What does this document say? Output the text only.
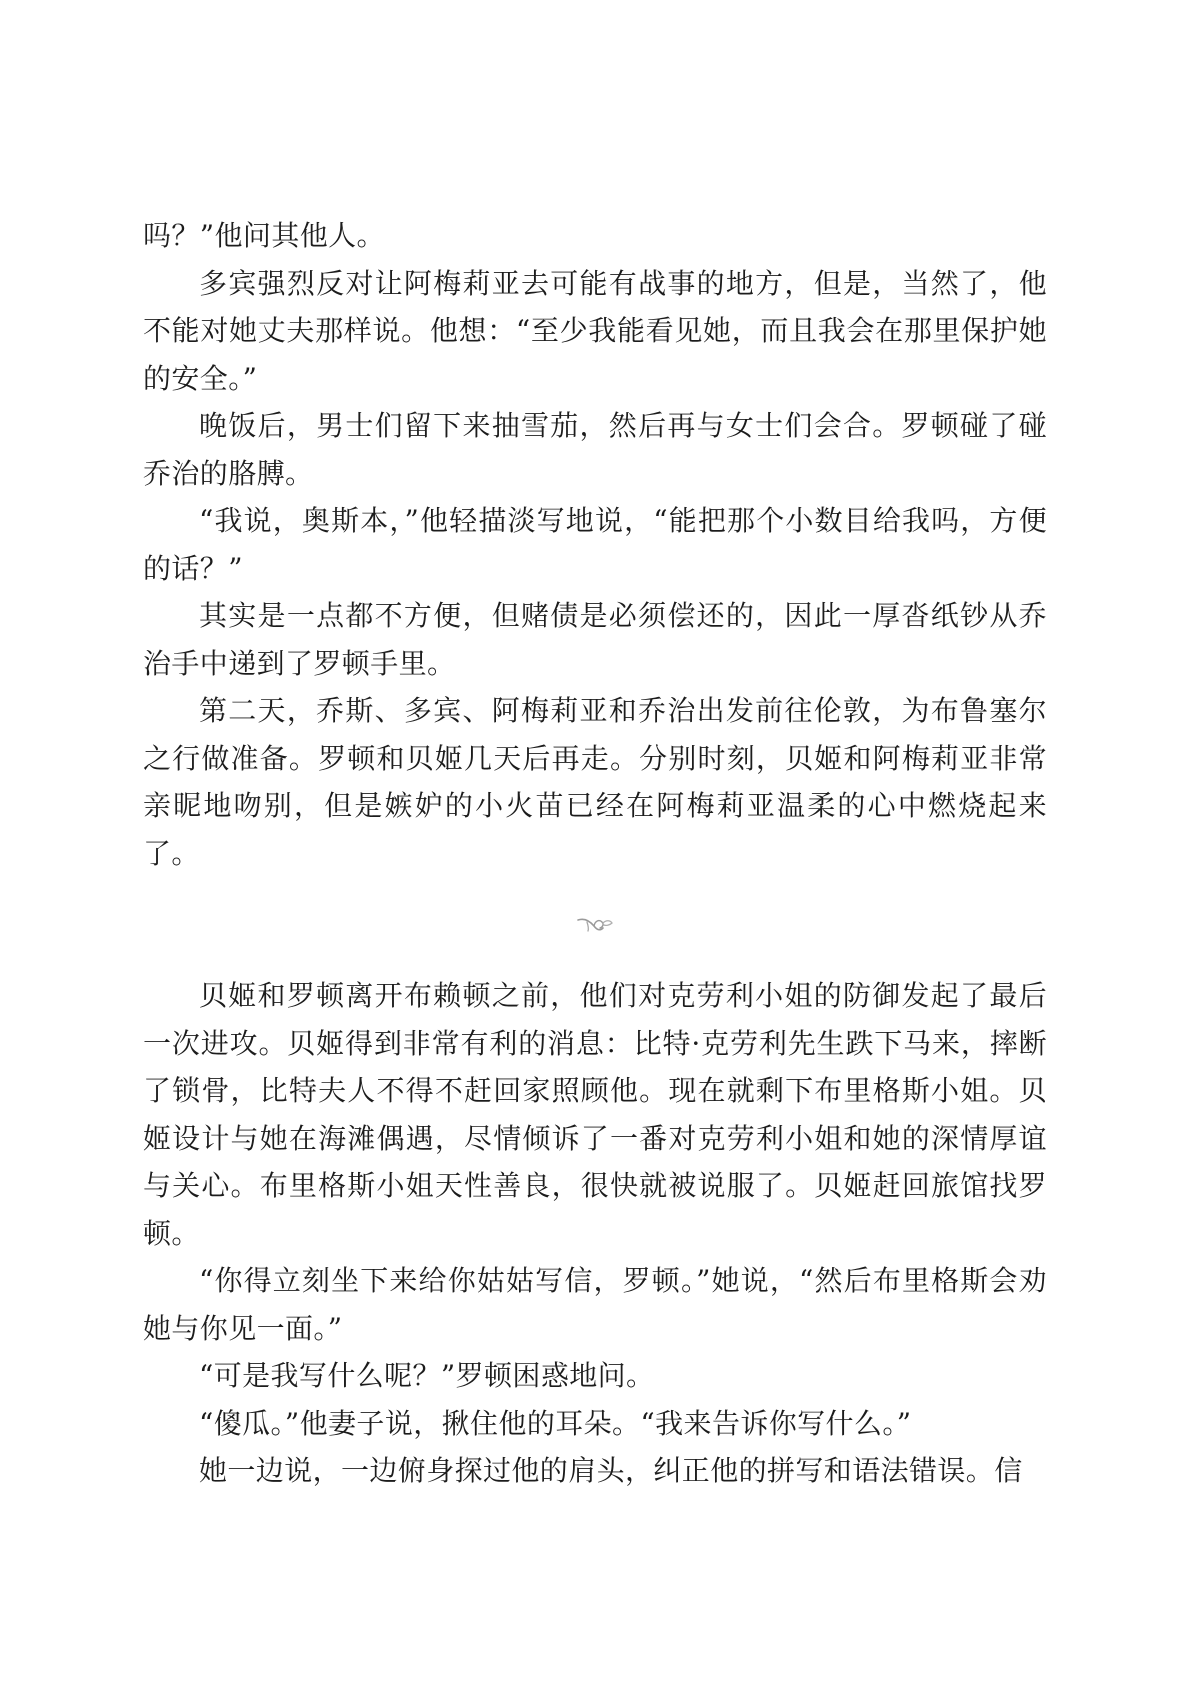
吗？”他问其他人。

多宾强烈反对让阿梅莉亚去可能有战事的地方，但是，当然了，他不能对她丈夫那样说。他想：“至少我能看见她，而且我会在那里保护她的安全。”

晚饭后，男士们留下来抽雪茄，然后再与女士们会合。罗顿碰了碰乔治的胳膊。

“我说，奥斯本，”他轻描淡写地说，“能把那个小数目给我吗，方便的话？”

其实是一点都不方便，但赌债是必须偿还的，因此一厚沓纸钞从乔治手中递到了罗顿手里。

第二天，乔斯、多宾、阿梅莉亚和乔治出发前往伦敦，为布鲁塞尔之行做准备。罗顿和贝姬几天后再走。分别时刻，贝姬和阿梅莉亚非常亲昵地吻别，但是嫉妒的小火苗已经在阿梅莉亚温柔的心中燃烧起来了。

贝姬和罗顿离开布赖顿之前，他们对克劳利小姐的防御发起了最后一次进攻。贝姬得到非常有利的消息：比特·克劳利先生跌下马来，摔断了锁骨，比特夫人不得不赶回家照顾他。现在就剩下布里格斯小姐。贝姬设计与她在海滩偶遇，尽情倾诉了一番对克劳利小姐和她的深情厚谊与关心。布里格斯小姐天性善良，很快就被说服了。贝姬赶回旅馆找罗顿。

“你得立刻坐下来给你姑姑写信，罗顿。”她说，“然后布里格斯会劝她与你见一面。”

“可是我写什么呢？”罗顿困惑地问。

“傻瓜。”他妻子说，揪住他的耳朵。“我来告诉你写什么。”

她一边说，一边俯身探过他的肩头，纠正他的拼写和语法错误。信
